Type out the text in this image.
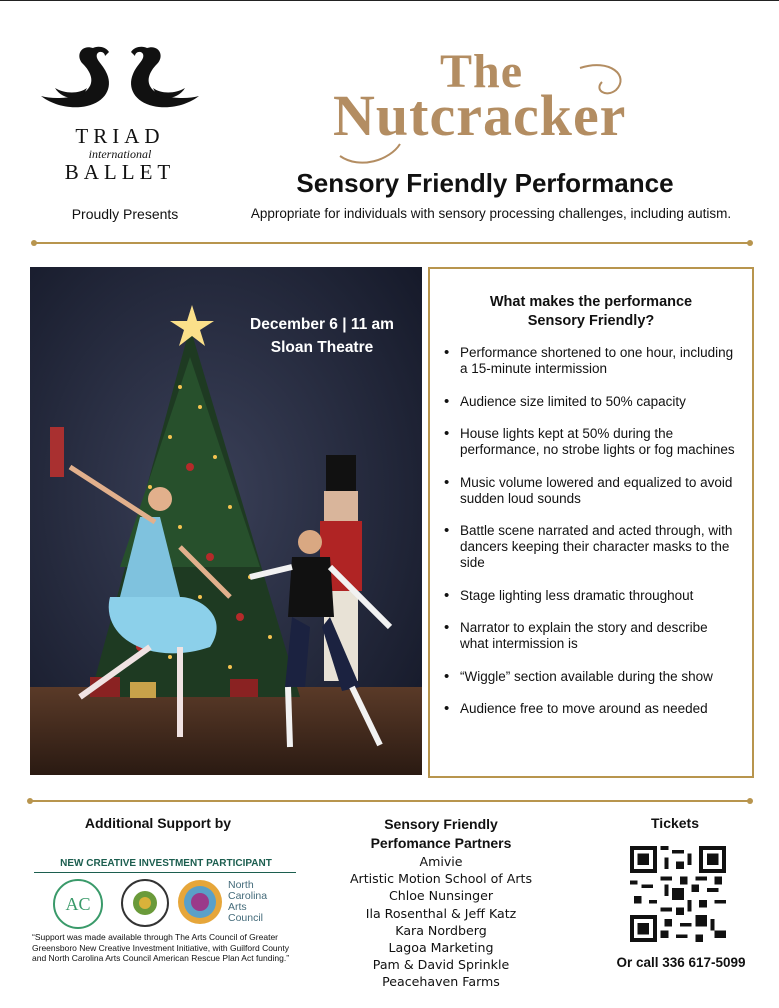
TRIAD
international
BALLET
Proudly Presents
The
Nutcracker
Sensory Friendly Performance
Appropriate for individuals with sensory processing challenges, including autism.
December 6 | 11 am
Sloan Theatre
What makes the performance
Sensory Friendly?
• Performance shortened to one hour, including a 15-minute intermission
• Audience size limited to 50% capacity
• House lights kept at 50% during the performance, no strobe lights or fog machines
• Music volume lowered and equalized to avoid sudden loud sounds
• Battle scene narrated and acted through, with dancers keeping their character masks to the side
• Stage lighting less dramatic throughout
• Narrator to explain the story and describe what intermission is
• “Wiggle” section available during the show
• Audience free to move around as needed
Additional Support by
NEW CREATIVE INVESTMENT PARTICIPANT
AC
North
Carolina
Arts
Council
“Support was made available through The Arts Council of Greater Greensboro New Creative Investment Initiative, with Guilford County and North Carolina Arts Council American Rescue Plan Act funding.”
Sensory Friendly
Perfomance Partners
Amivie
Artistic Motion School of Arts
Chloe Nunsinger
Ila Rosenthal & Jeff Katz
Kara Nordberg
Lagoa Marketing
Pam & David Sprinkle
Peacehaven Farms
Tickets
Or call 336 617-5099
